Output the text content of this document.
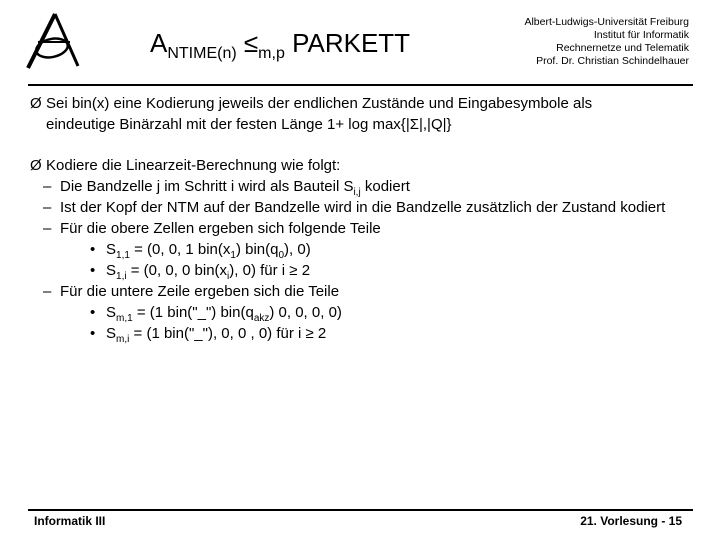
$A_{NTIME(n)} \le_{m,p}$ PARKETT
Albert-Ludwigs-Universität Freiburg
Institut für Informatik
Rechnernetze und Telematik
Prof. Dr. Christian Schindelhauer
Ø Sei bin(x) eine Kodierung jeweils der endlichen Zustände und Eingabesymbole als
eindeutige Binärzahl mit der festen Länge 1+ log max{|Σ|,|Q|}
Ø Kodiere die Linearzeit-Berechnung wie folgt:
– Die Bandzelle j im Schritt i wird als Bauteil $S_{i,j}$ kodiert
– Ist der Kopf der NTM auf der Bandzelle wird in die Bandzelle zusätzlich der Zustand kodiert
– Für die obere Zellen ergeben sich folgende Teile
• $S_{1,1} = (0$, 0, 1 $bin(x_1)$ $bin(q_0)$, 0)
• $S_{1,i} = (0$, 0, 0 $bin(x_i)$, 0) für i ≥ 2
– Für die untere Zeile ergeben sich die Teile
• $S_{m,1} = (1$ bin("_") $bin(q_{akz})$ 0, 0, 0, 0)
• $S_{m,i} = (1$ bin("_"), 0, 0 , 0) für i ≥ 2
Informatik III	21. Vorlesung - 15
